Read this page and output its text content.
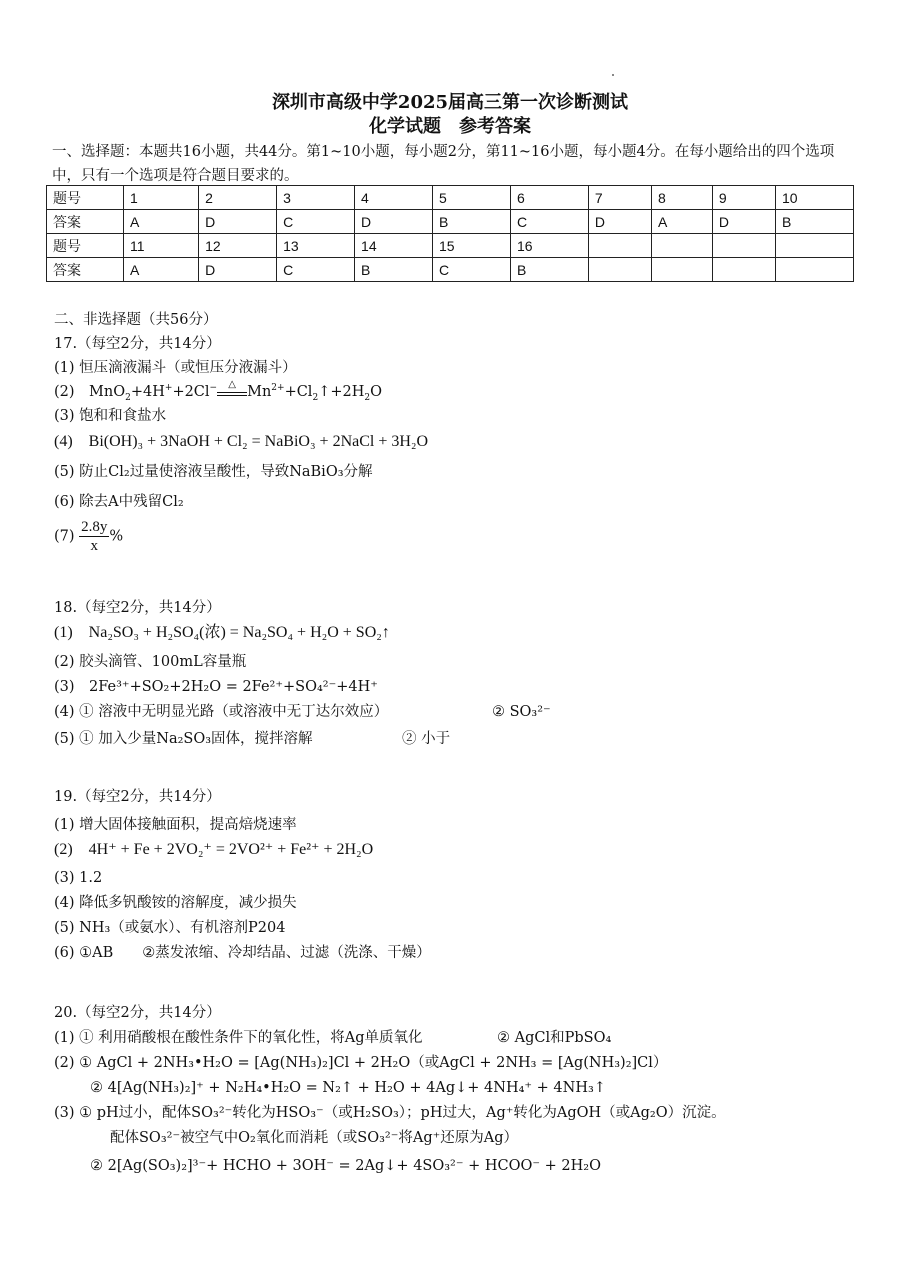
深圳市高级中学2025届高三第一次诊断测试
化学试题　参考答案
一、选择题：本题共16小题，共44分。第1~10小题，每小题2分，第11~16小题，每小题4分。在每小题给出的四个选项中，只有一个选项是符合题目要求的。
题号	1	2	3	4	5	6	7	8	9	10
答案	A	D	C	D	B	C	D	A	D	B
题号	11	12	13	14	15	16				
答案	A	D	C	B	C	B				
二、非选择题（共56分）
17.（每空2分，共14分）
(1) 恒压滴液漏斗（或恒压分液漏斗）
(2)　MnO$_2$+4H++2Cl−	△ $Mn^{2+}+Cl_2↑+2H_2O$
(3) 饱和和食盐水
(4)　Bi(OH)₃ + 3NaOH + Cl₂ = NaBiO₃ + 2NaCl + 3H₂O
(5) 防止Cl₂过量使溶液呈酸性，导致NaBiO₃分解
(6) 除去A中残留Cl₂
$(7) \frac{2.8y}{x}$ %
18.（每空2分，共14分）
(1)　Na₂SO₃ + H₂SO₄(浓) = Na₂SO₄ + H₂O + SO₂↑
(2) 胶头滴管、100mL容量瓶
(3)　2Fe³⁺+SO₂+2H₂O = 2Fe²⁺+SO₄²⁻+4H⁺
(4) ① 溶液中无明显光路（或溶液中无丁达尔效应）	② SO₃²⁻
(5) ① 加入少量Na₂SO₃固体，搅拌溶解	② 小于
19.（每空2分，共14分）
(1) 增大固体接触面积，提高焙烧速率
(2)　4H⁺ + Fe + 2VO₂⁺ = 2VO²⁺ + Fe²⁺ + 2H₂O
(3) 1.2
(4) 降低多钒酸铵的溶解度，减少损失
(5) NH₃（或氨水）、有机溶剂P204
(6) ①AB　　②蒸发浓缩、冷却结晶、过滤（洗涤、干燥）
20.（每空2分，共14分）
(1) ① 利用硝酸根在酸性条件下的氧化性，将Ag单质氧化	② AgCl和PbSO₄
(2) ① AgCl + 2NH₃•H₂O = [Ag(NH₃)₂]Cl + 2H₂O（或AgCl + 2NH₃ = [Ag(NH₃)₂]Cl）
② 4[Ag(NH₃)₂]⁺ + N₂H₄•H₂O = N₂↑ + H₂O + 4Ag↓+ 4NH₄⁺ + 4NH₃↑
(3) ① pH过小，配体SO₃²⁻转化为HSO₃⁻（或H₂SO₃）；pH过大，Ag⁺转化为AgOH（或Ag₂O）沉淀。
配体SO₃²⁻被空气中O₂氧化而消耗（或SO₃²⁻将Ag⁺还原为Ag）
② 2[Ag(SO₃)₂]³⁻+ HCHO + 3OH⁻ = 2Ag↓+ 4SO₃²⁻ + HCOO⁻ + 2H₂O
